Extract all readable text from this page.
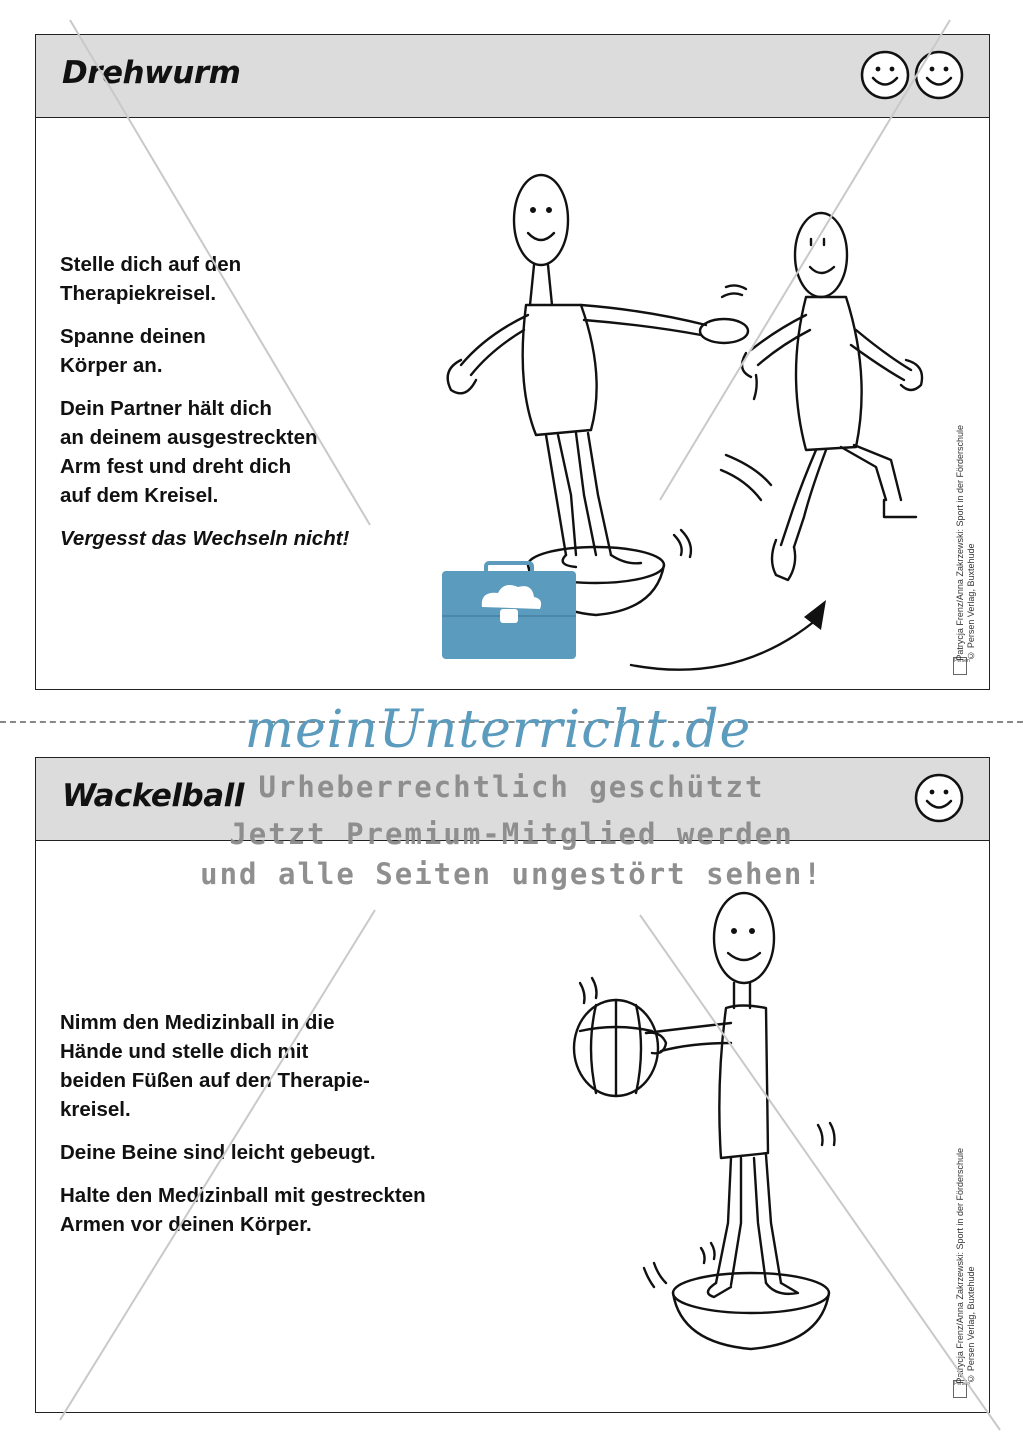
Drehwurm

Stelle dich auf den
Therapiekreisel.

Spanne deinen
Körper an.

Dein Partner hält dich
an deinem ausgestreckten
Arm fest und dreht dich
auf dem Kreisel.

Vergesst das Wechseln nicht!

Persen
Patrycja Frenz/Anna Zakrzewski: Sport in der Förderschule
© Persen Verlag, Buxtehude
Wackelball

Nimm den Medizinball in die
Hände und stelle dich mit
beiden Füßen auf den Therapie-
kreisel.

Deine Beine sind leicht gebeugt.

Halte den Medizinball mit gestreckten
Armen vor deinen Körper.

Persen
Patrycja Frenz/Anna Zakrzewski: Sport in der Förderschule
© Persen Verlag, Buxtehude
meinUnterricht.de
Urheberrechtlich geschützt
Jetzt Premium-Mitglied werden
und alle Seiten ungestört sehen!
